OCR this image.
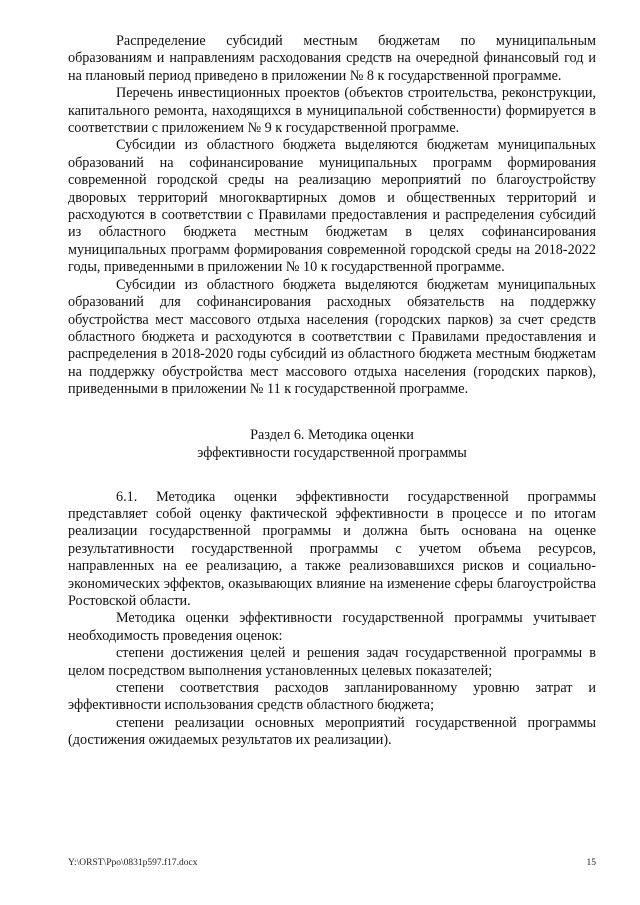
Распределение субсидий местным бюджетам по муниципальным образованиям и направлениям расходования средств на очередной финансовый год и на плановый период приведено в приложении № 8 к государственной программе.

Перечень инвестиционных проектов (объектов строительства, реконструкции, капитального ремонта, находящихся в муниципальной собственности) формируется в соответствии с приложением № 9 к государственной программе.

Субсидии из областного бюджета выделяются бюджетам муниципальных образований на софинансирование муниципальных программ формирования современной городской среды на реализацию мероприятий по благоустройству дворовых территорий многоквартирных домов и общественных территорий и расходуются в соответствии с Правилами предоставления и распределения субсидий из областного бюджета местным бюджетам в целях софинансирования муниципальных программ формирования современной городской среды на 2018-2022 годы, приведенными в приложении № 10 к государственной программе.

Субсидии из областного бюджета выделяются бюджетам муниципальных образований для софинансирования расходных обязательств на поддержку обустройства мест массового отдыха населения (городских парков) за счет средств областного бюджета и расходуются в соответствии с Правилами предоставления и распределения в 2018-2020 годы субсидий из областного бюджета местным бюджетам на поддержку обустройства мест массового отдыха населения (городских парков), приведенными в приложении № 11 к государственной программе.

Раздел 6. Методика оценки
эффективности государственной программы

6.1. Методика оценки эффективности государственной программы представляет собой оценку фактической эффективности в процессе и по итогам реализации государственной программы и должна быть основана на оценке результативности государственной программы с учетом объема ресурсов, направленных на ее реализацию, а также реализовавшихся рисков и социально-экономических эффектов, оказывающих влияние на изменение сферы благоустройства Ростовской области.

Методика оценки эффективности государственной программы учитывает необходимость проведения оценок:

степени достижения целей и решения задач государственной программы в целом посредством выполнения установленных целевых показателей;

степени соответствия расходов запланированному уровню затрат и эффективности использования средств областного бюджета;

степени реализации основных мероприятий государственной программы (достижения ожидаемых результатов их реализации).

Y:\ORST\Ppo\0831p597.f17.docx	15
